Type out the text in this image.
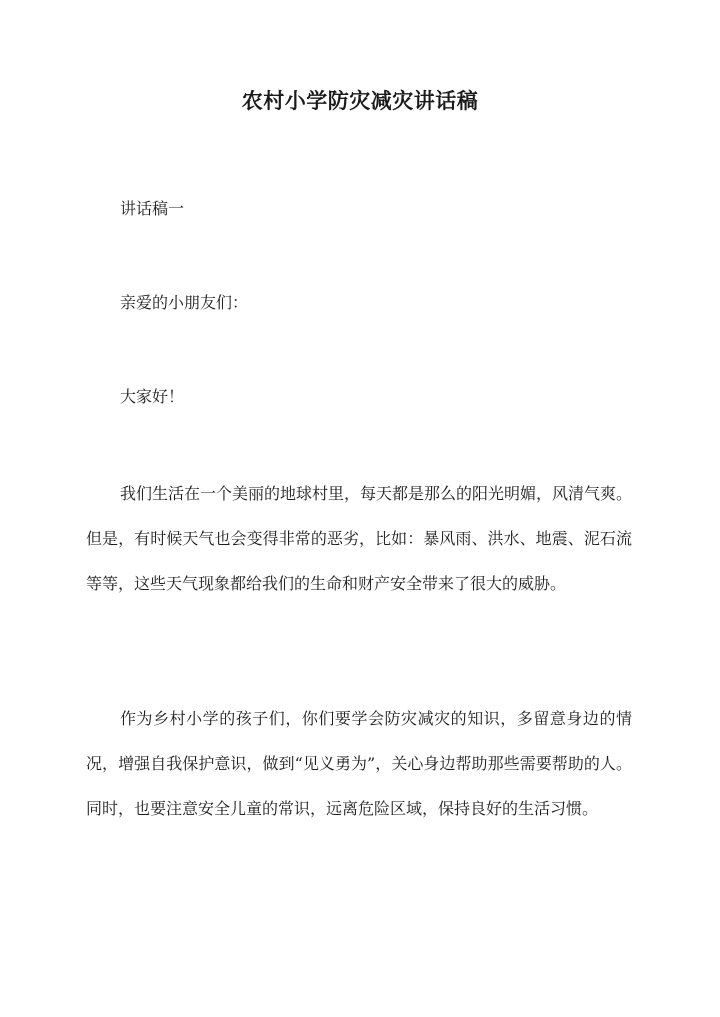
农村小学防灾减灾讲话稿

讲话稿一

亲爱的小朋友们：

大家好！

我们生活在一个美丽的地球村里，每天都是那么的阳光明媚，风清气爽。但是，有时候天气也会变得非常的恶劣，比如：暴风雨、洪水、地震、泥石流等等，这些天气现象都给我们的生命和财产安全带来了很大的威胁。

作为乡村小学的孩子们，你们要学会防灾减灾的知识，多留意身边的情况，增强自我保护意识，做到“见义勇为”，关心身边帮助那些需要帮助的人。同时，也要注意安全儿童的常识，远离危险区域，保持良好的生活习惯。
